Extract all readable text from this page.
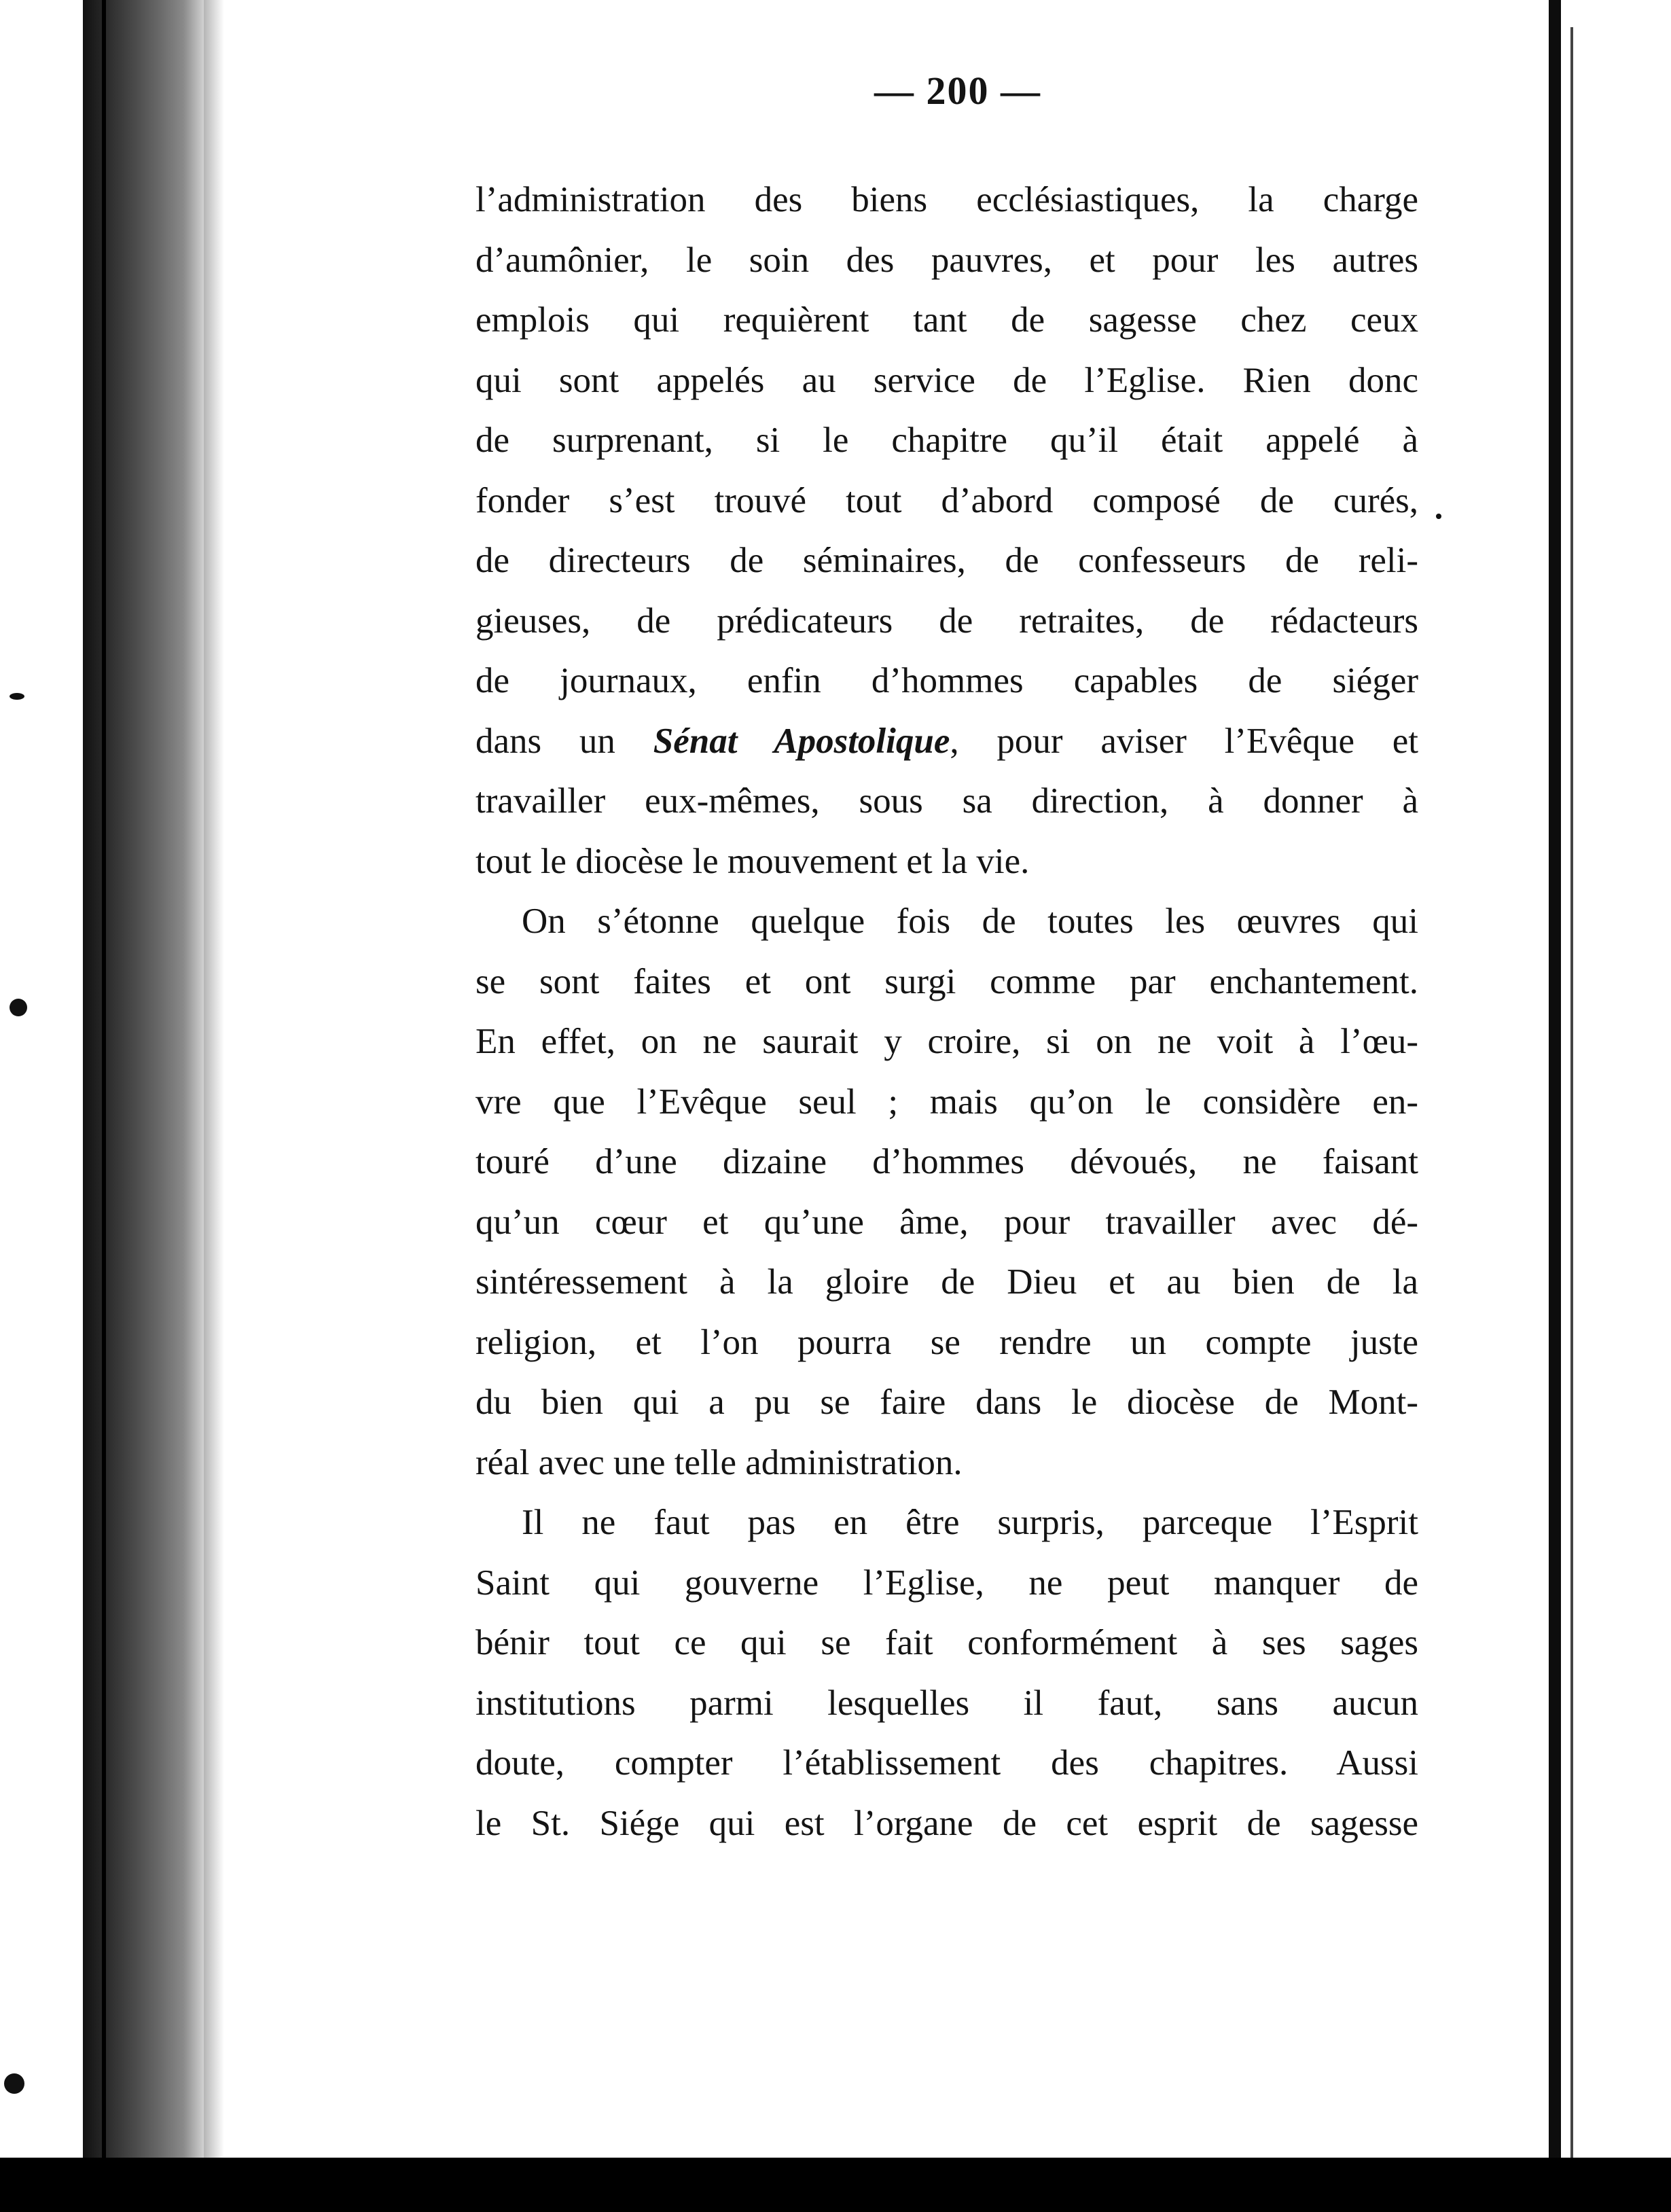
— 200 —
l’administration des biens ecclésiastiques, la charge
d’aumônier, le soin des pauvres, et pour les autres
emplois qui requièrent tant de sagesse chez ceux
qui sont appelés au service de l’Eglise. Rien donc
de surprenant, si le chapitre qu’il était appelé à
fonder s’est trouvé tout d’abord composé de curés,
de directeurs de séminaires, de confesseurs de reli-
gieuses, de prédicateurs de retraites, de rédacteurs
de journaux, enfin d’hommes capables de siéger
dans un Sénat Apostolique, pour aviser l’Evêque et
travailler eux-mêmes, sous sa direction, à donner à
tout le diocèse le mouvement et la vie.
On s’étonne quelque fois de toutes les œuvres qui
se sont faites et ont surgi comme par enchantement.
En effet, on ne saurait y croire, si on ne voit à l’œu-
vre que l’Evêque seul ; mais qu’on le considère en-
touré d’une dizaine d’hommes dévoués, ne faisant
qu’un cœur et qu’une âme, pour travailler avec dé-
sintéressement à la gloire de Dieu et au bien de la
religion, et l’on pourra se rendre un compte juste
du bien qui a pu se faire dans le diocèse de Mont-
réal avec une telle administration.
Il ne faut pas en être surpris, parceque l’Esprit
Saint qui gouverne l’Eglise, ne peut manquer de
bénir tout ce qui se fait conformément à ses sages
institutions parmi lesquelles il faut, sans aucun
doute, compter l’établissement des chapitres. Aussi
le St. Siége qui est l’organe de cet esprit de sagesse
